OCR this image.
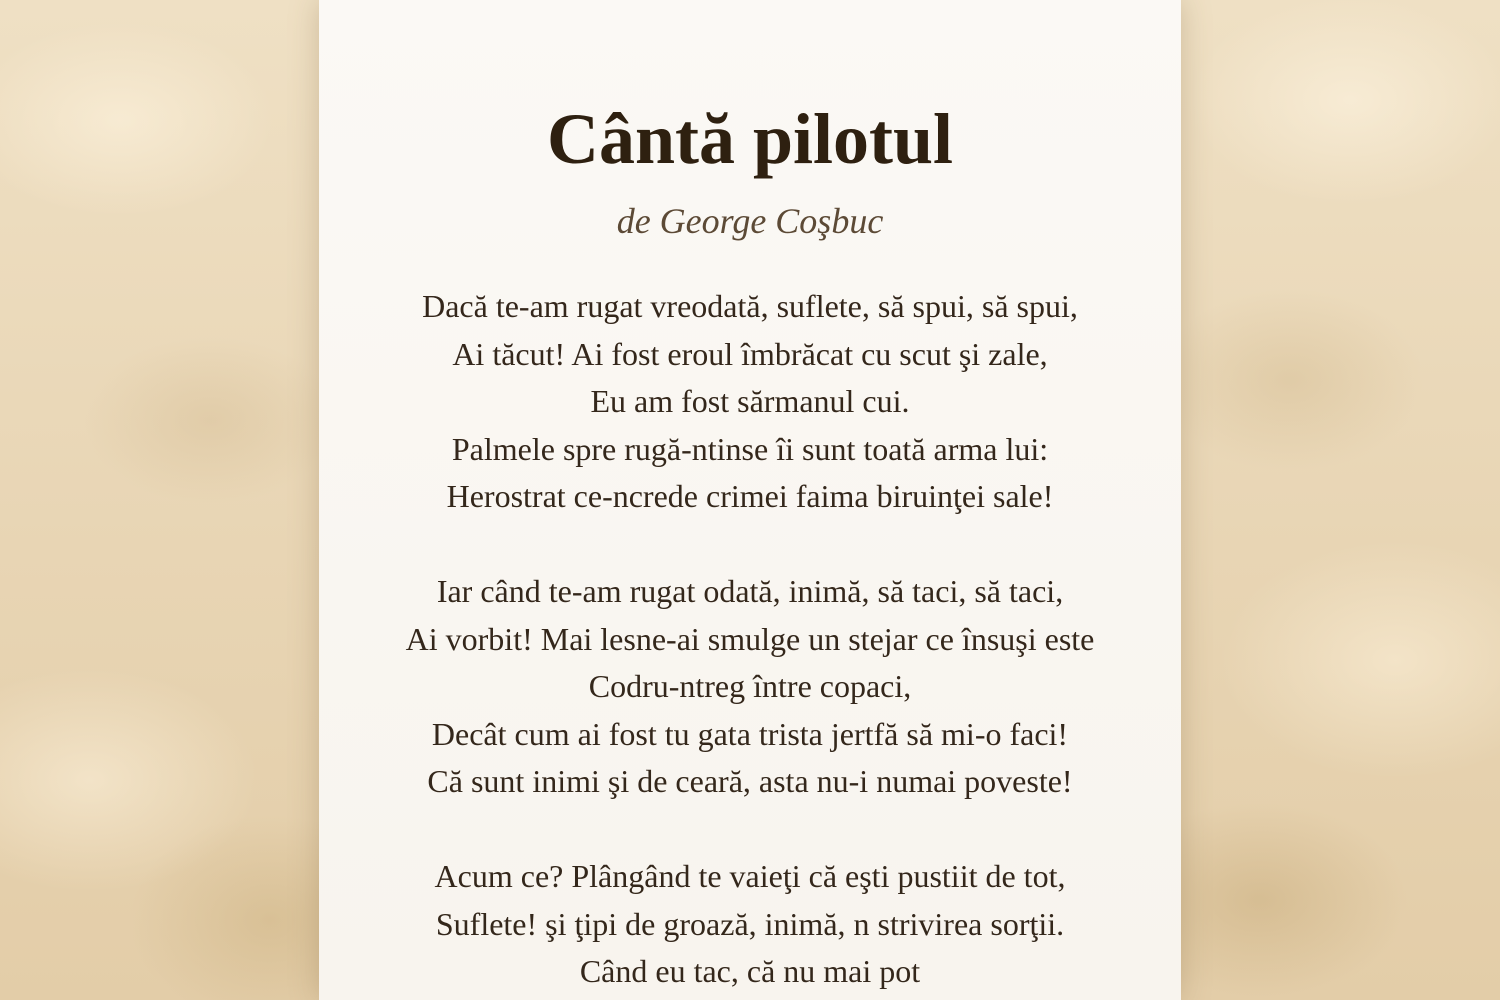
Cântă pilotul

de George Coşbuc

Dacă te-am rugat vreodată, suflete, să spui, să spui,
Ai tăcut! Ai fost eroul îmbrăcat cu scut şi zale,
Eu am fost sărmanul cui.
Palmele spre rugă-ntinse îi sunt toată arma lui:
Herostrat ce-ncrede crimei faima biruinţei sale!
Iar când te-am rugat odată, inimă, să taci, să taci,
Ai vorbit! Mai lesne-ai smulge un stejar ce însuşi este
Codru-ntreg între copaci,
Decât cum ai fost tu gata trista jertfă să mi-o faci!
Că sunt inimi şi de ceară, asta nu-i numai poveste!
Acum ce? Plângând te vaieţi că eşti pustiit de tot,
Suflete! şi ţipi de groază, inimă, n strivirea sorţii.
Când eu tac, că nu mai pot
